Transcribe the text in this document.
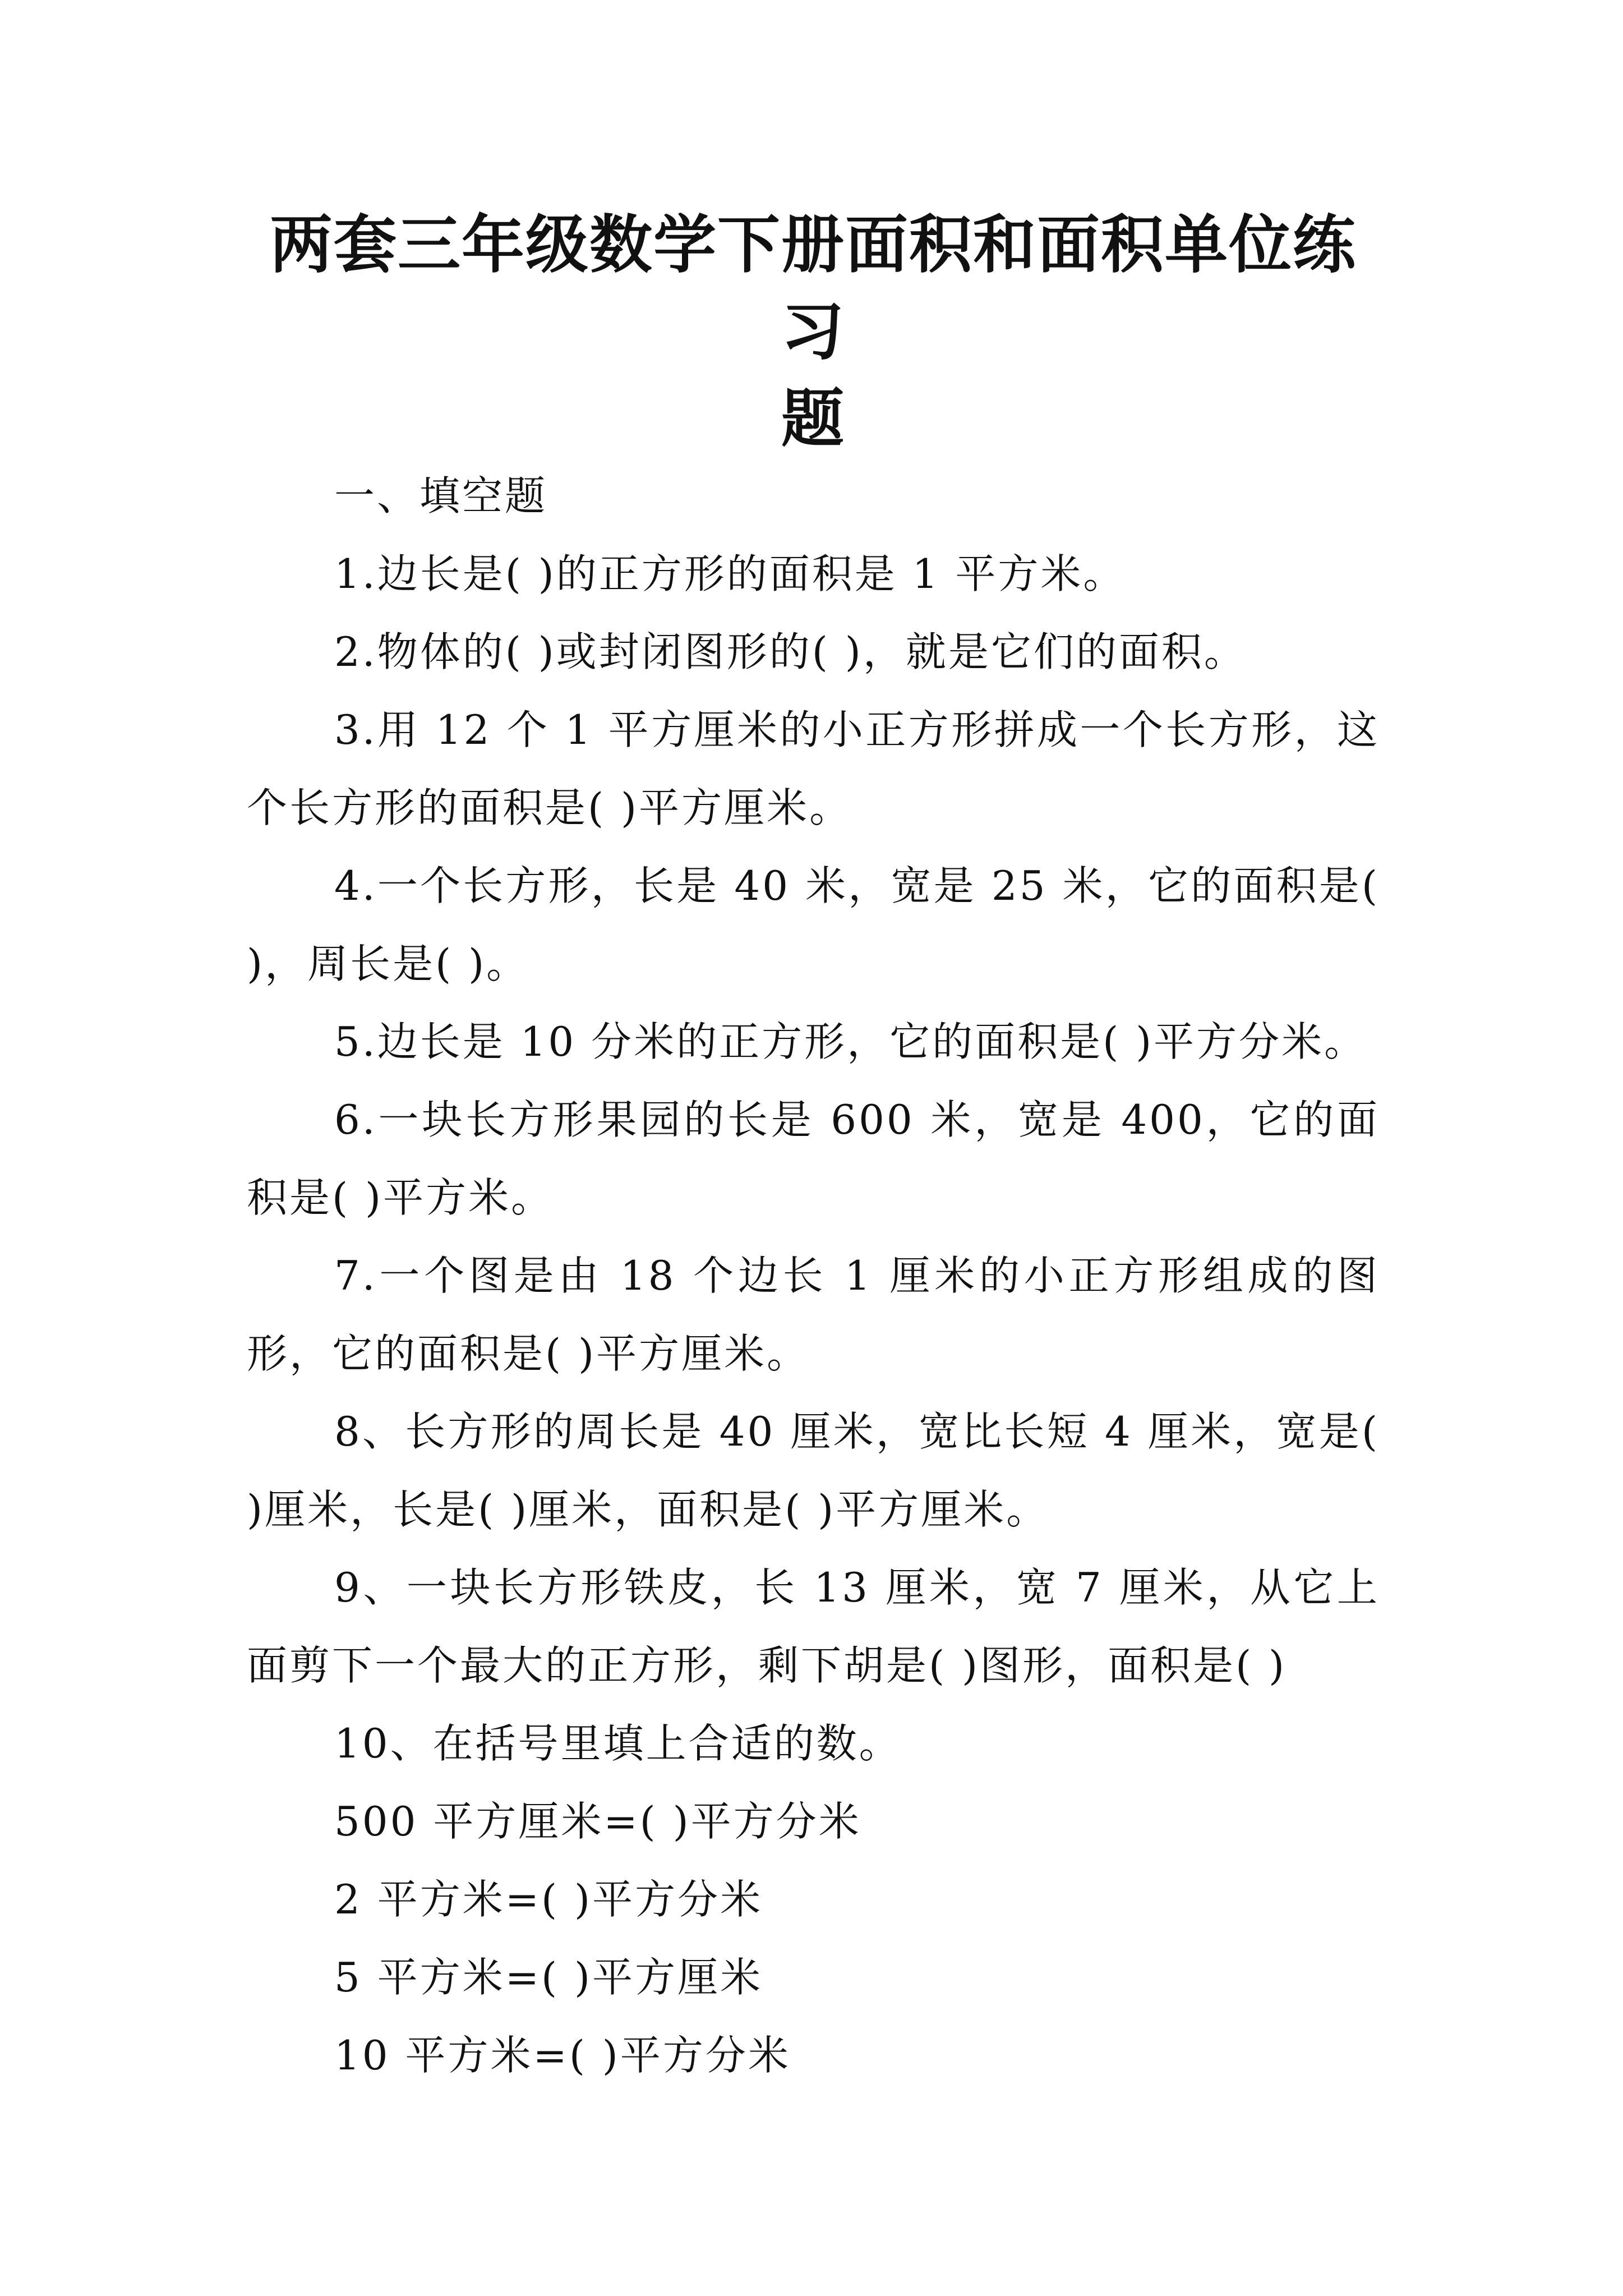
两套三年级数学下册面积和面积单位练习
题

一、填空题

1.边长是( )的正方形的面积是 1 平方米。

2.物体的( )或封闭图形的( )，就是它们的面积。

3.用 12 个 1 平方厘米的小正方形拼成一个长方形，这个长方形的面积是( )平方厘米。

4.一个长方形，长是 40 米，宽是 25 米，它的面积是( )，周长是( )。

5.边长是 10 分米的正方形，它的面积是( )平方分米。

6.一块长方形果园的长是 600 米，宽是 400，它的面积是( )平方米。

7.一个图是由 18 个边长 1 厘米的小正方形组成的图形，它的面积是( )平方厘米。

8、长方形的周长是 40 厘米，宽比长短 4 厘米，宽是( )厘米，长是( )厘米，面积是( )平方厘米。

9、一块长方形铁皮，长 13 厘米，宽 7 厘米，从它上面剪下一个最大的正方形，剩下胡是( )图形，面积是( )

10、在括号里填上合适的数。

500 平方厘米=( )平方分米

2 平方米=( )平方分米

5 平方米=( )平方厘米

10 平方米=( )平方分米
